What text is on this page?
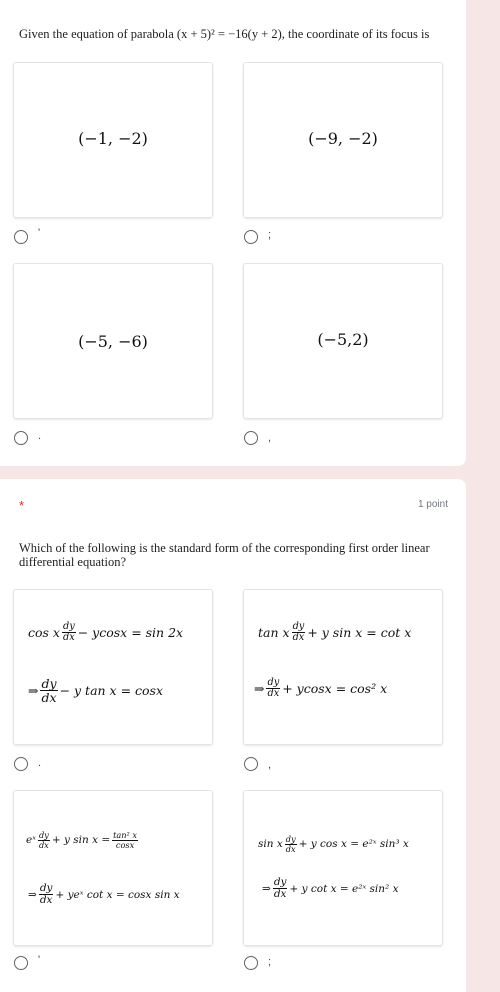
Given the equation of parabola (x + 5)² = −16(y + 2), the coordinate of its focus is
(−1, −2)	(−9, −2)
'	;
(−5, −6)	(−5,2)
.	,
*	1 point
Which of the following is the standard form of the corresponding first order linear
differential equation?
cos x $\frac{dy}{dx} - ycosx = \sin 2x$
⇒ $\frac{dy}{dx} - y$ tan x = cosx
tan x $\frac{dy}{dx} + y$ sin x = cot x
⇒ $\frac{dy}{dx} + ycosx = \cos^2$ x
.	,
eˣ $\frac{dy}{dx} + y$ $\sin x = \frac{\text{tan² x}}{\cos x}$
⇒ $\frac{dy}{dx}$ + yeˣ cot x = cosx sin x
sin x $\frac{dy}{dx} + y$ cos x = e²ˣ sin³ x
⇒ $\frac{dy}{dx} + y$ cot x = e²ˣ sin² x
'	;
